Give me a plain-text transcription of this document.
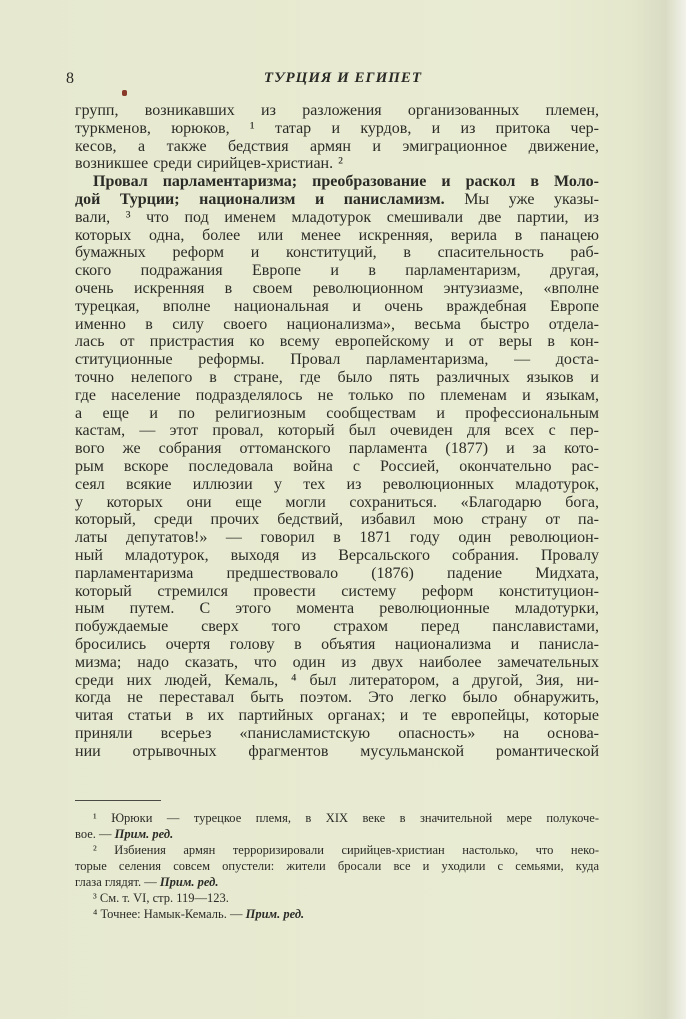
8	ТУРЦИЯ И ЕГИПЕТ
групп, возникавших из разложения организованных племен,
туркменов, юрюков, ¹ татар и курдов, и из притока чер-
кесов, а также бедствия армян и эмиграционное движение,
возникшее среди сирийцев-христиан. ²
Провал парламентаризма; преобразование и раскол в Моло-
дой Турции; национализм и панисламизм. Мы уже указы-
вали, ³ что под именем младотурок смешивали две партии, из
которых одна, более или менее искренняя, верила в панацею
бумажных реформ и конституций, в спасительность раб-
ского подражания Европе и в парламентаризм, другая,
очень искренняя в своем революционном энтузиазме, «вполне
турецкая, вполне национальная и очень враждебная Европе
именно в силу своего национализма», весьма быстро отдела-
лась от пристрастия ко всему европейскому и от веры в кон-
ституционные реформы. Провал парламентаризма, — доста-
точно нелепого в стране, где было пять различных языков и
где население подразделялось не только по племенам и языкам,
а еще и по религиозным сообществам и профессиональным
кастам, — этот провал, который был очевиден для всех с пер-
вого же собрания оттоманского парламента (1877) и за кото-
рым вскоре последовала война с Россией, окончательно рас-
сеял всякие иллюзии у тех из революционных младотурок,
у которых они еще могли сохраниться. «Благодарю бога,
который, среди прочих бедствий, избавил мою страну от па-
латы депутатов!» — говорил в 1871 году один революцион-
ный младотурок, выходя из Версальского собрания. Провалу
парламентаризма предшествовало (1876) падение Мидхата,
который стремился провести систему реформ конституцион-
ным путем. С этого момента революционные младотурки,
побуждаемые сверх того страхом перед панславистами,
бросились очертя голову в объятия национализма и панисла-
мизма; надо сказать, что один из двух наиболее замечательных
среди них людей, Кемаль, ⁴ был литератором, а другой, Зия, ни-
когда не переставал быть поэтом. Это легко было обнаружить,
читая статьи в их партийных органах; и те европейцы, которые
приняли всерьез «панисламистскую опасность» на основа-
нии отрывочных фрагментов мусульманской романтической
¹ Юрюки — турецкое племя, в XIX веке в значительной мере полукоче-
вое. — Прим. ред.
² Избиения армян терроризировали сирийцев-христиан настолько, что неко-
торые селения совсем опустели: жители бросали все и уходили с семьями, куда
глаза глядят. — Прим. ред.
³ См. т. VI, стр. 119—123.
⁴ Точнее: Намык-Кемаль. — Прим. ред.
